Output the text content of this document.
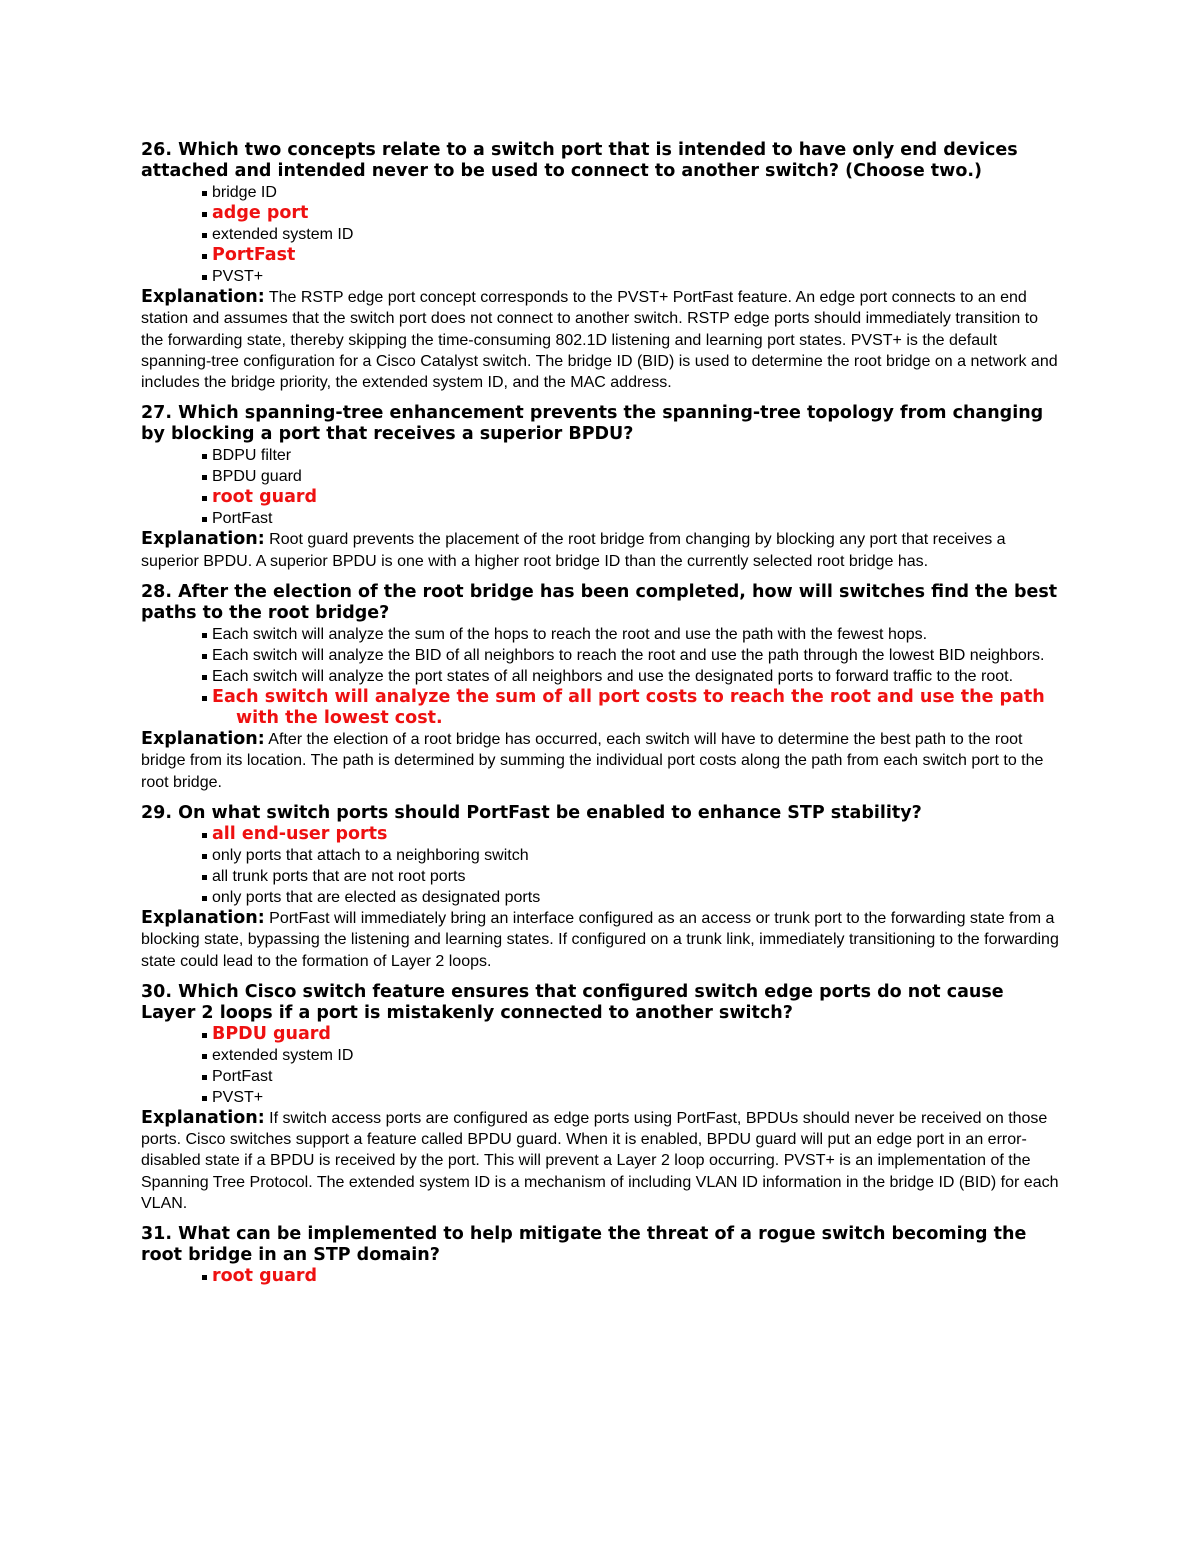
26. Which two concepts relate to a switch port that is intended to have only end devices attached and intended never to be used to connect to another switch? (Choose two.)

bridge ID
adge port
extended system ID
PortFast
PVST+

Explanation: The RSTP edge port concept corresponds to the PVST+ PortFast feature. An edge port connects to an end station and assumes that the switch port does not connect to another switch. RSTP edge ports should immediately transition to the forwarding state, thereby skipping the time-consuming 802.1D listening and learning port states. PVST+ is the default spanning-tree configuration for a Cisco Catalyst switch. The bridge ID (BID) is used to determine the root bridge on a network and includes the bridge priority, the extended system ID, and the MAC address.

27. Which spanning-tree enhancement prevents the spanning-tree topology from changing by blocking a port that receives a superior BPDU?

BDPU filter
BPDU guard
root guard
PortFast

Explanation: Root guard prevents the placement of the root bridge from changing by blocking any port that receives a superior BPDU. A superior BPDU is one with a higher root bridge ID than the currently selected root bridge has.

28. After the election of the root bridge has been completed, how will switches find the best paths to the root bridge?

Each switch will analyze the sum of the hops to reach the root and use the path with the fewest hops.
Each switch will analyze the BID of all neighbors to reach the root and use the path through the lowest BID neighbors.
Each switch will analyze the port states of all neighbors and use the designated ports to forward traffic to the root.
Each switch will analyze the sum of all port costs to reach the root and use the path with the lowest cost.

Explanation: After the election of a root bridge has occurred, each switch will have to determine the best path to the root bridge from its location. The path is determined by summing the individual port costs along the path from each switch port to the root bridge.

29. On what switch ports should PortFast be enabled to enhance STP stability?

all end-user ports
only ports that attach to a neighboring switch
all trunk ports that are not root ports
only ports that are elected as designated ports

Explanation: PortFast will immediately bring an interface configured as an access or trunk port to the forwarding state from a blocking state, bypassing the listening and learning states. If configured on a trunk link, immediately transitioning to the forwarding state could lead to the formation of Layer 2 loops.

30. Which Cisco switch feature ensures that configured switch edge ports do not cause Layer 2 loops if a port is mistakenly connected to another switch?

BPDU guard
extended system ID
PortFast
PVST+

Explanation: If switch access ports are configured as edge ports using PortFast, BPDUs should never be received on those ports. Cisco switches support a feature called BPDU guard. When it is enabled, BPDU guard will put an edge port in an error-disabled state if a BPDU is received by the port. This will prevent a Layer 2 loop occurring. PVST+ is an implementation of the Spanning Tree Protocol. The extended system ID is a mechanism of including VLAN ID information in the bridge ID (BID) for each VLAN.

31. What can be implemented to help mitigate the threat of a rogue switch becoming the root bridge in an STP domain?

root guard
